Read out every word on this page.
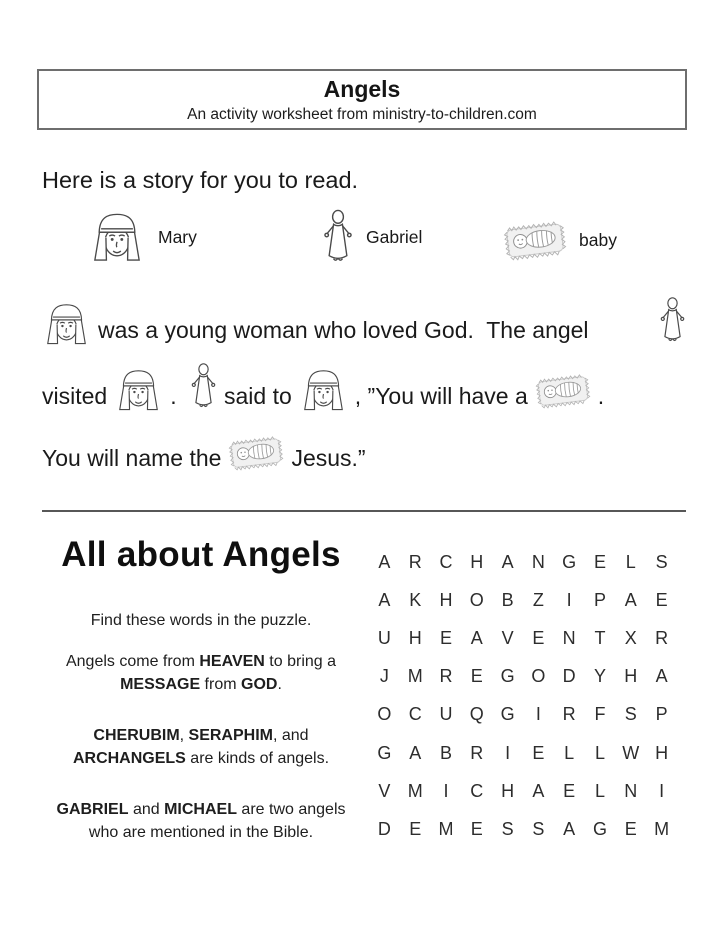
Angels
An activity worksheet from ministry-to-children.com
Here is a story for you to read.
Mary	Gabriel	baby
was a young woman who loved God.  The angel
visited	. said to	, ”You will have a	.
You will name the	Jesus.”
All about Angels
Find these words in the puzzle.

Angels come from HEAVEN to bring a
MESSAGE from GOD.

CHERUBIM, SERAPHIM, and
ARCHANGELS are kinds of angels.

GABRIEL and MICHAEL are two angels
who are mentioned in the Bible.

A	R C H	A	N G E	L	S
A	K	H O B	Z	I	P	A	E
U H	E	A	V	E	N	T	X	R
J	M R	E G O D	Y	H	A
O C U Q G	I	R	F	S	P
G A	B	R	I	E	L	L W H
V M	I	C H	A	E	L	N	I
D	E M E	S	S	A G E M
